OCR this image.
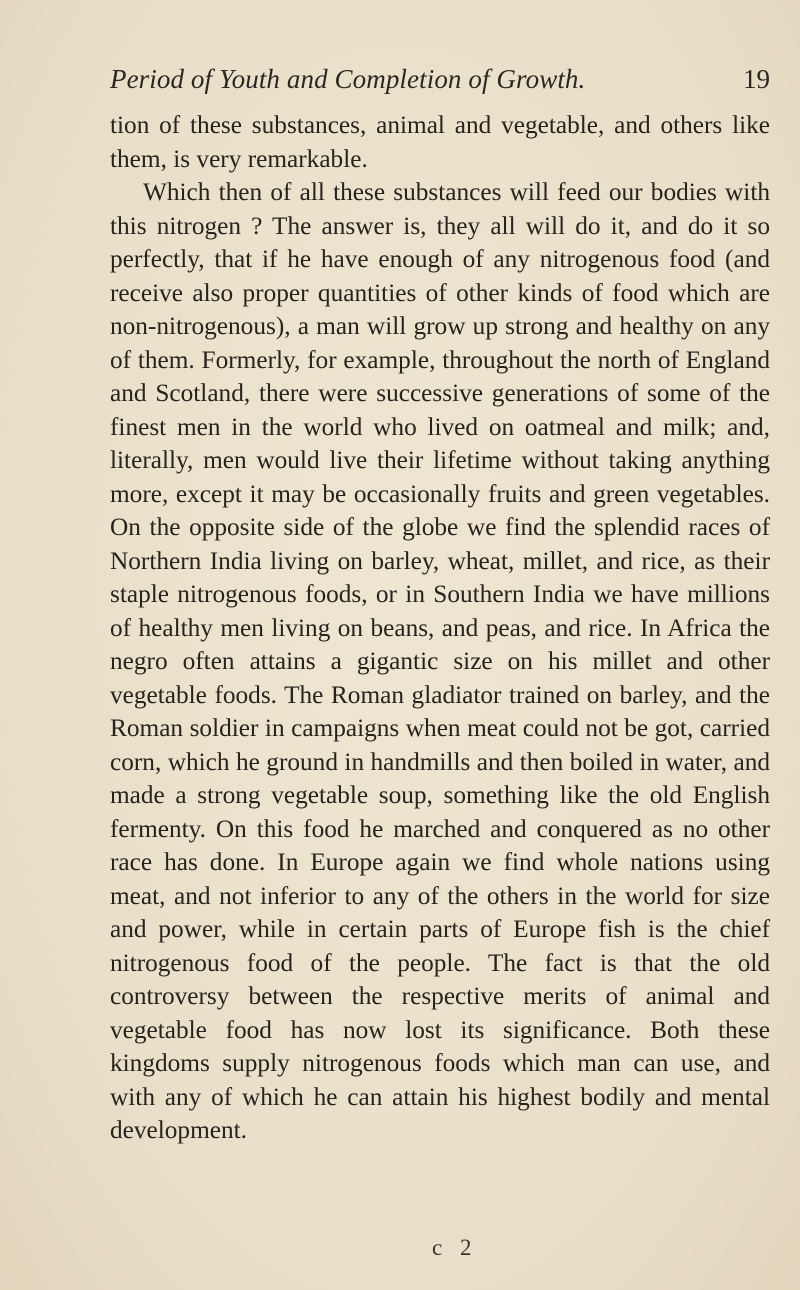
Period of Youth and Completion of Growth.	19

tion of these substances, animal and vegetable, and others like them, is very remarkable.

Which then of all these substances will feed our bodies with this nitrogen ? The answer is, they all will do it, and do it so perfectly, that if he have enough of any nitrogenous food (and receive also proper quantities of other kinds of food which are non-nitrogenous), a man will grow up strong and healthy on any of them. Formerly, for example, throughout the north of England and Scotland, there were successive generations of some of the finest men in the world who lived on oatmeal and milk; and, literally, men would live their lifetime without taking anything more, except it may be occasionally fruits and green vegetables. On the opposite side of the globe we find the splendid races of Northern India living on barley, wheat, millet, and rice, as their staple nitrogenous foods, or in Southern India we have millions of healthy men living on beans, and peas, and rice. In Africa the negro often attains a gigantic size on his millet and other vegetable foods. The Roman gladiator trained on barley, and the Roman soldier in campaigns when meat could not be got, carried corn, which he ground in handmills and then boiled in water, and made a strong vegetable soup, something like the old English fermenty. On this food he marched and conquered as no other race has done. In Europe again we find whole nations using meat, and not inferior to any of the others in the world for size and power, while in certain parts of Europe fish is the chief nitrogenous food of the people. The fact is that the old controversy between the respective merits of animal and vegetable food has now lost its significance. Both these kingdoms supply nitrogenous foods which man can use, and with any of which he can attain his highest bodily and mental development.

c 2
